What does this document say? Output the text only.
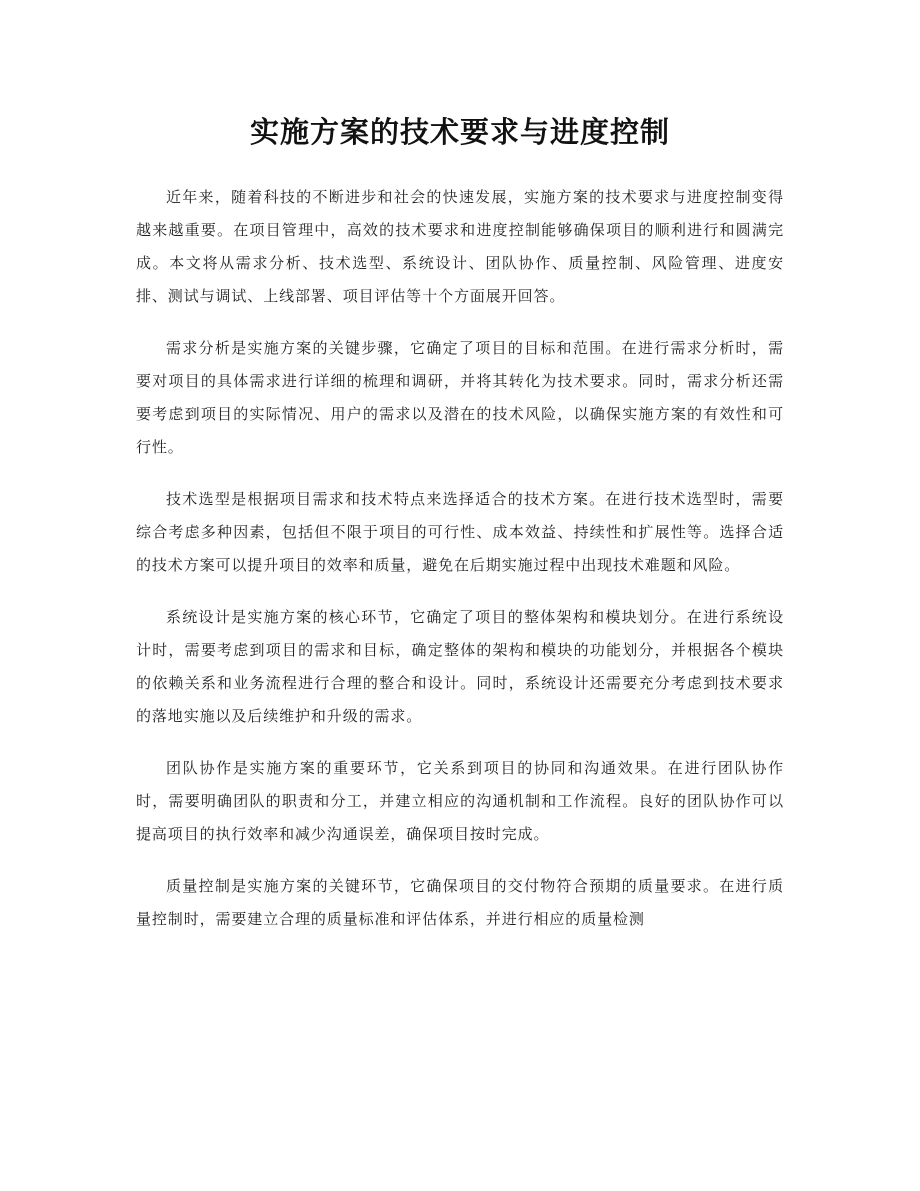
实施方案的技术要求与进度控制

近年来，随着科技的不断进步和社会的快速发展，实施方案的技术要求与进度控制变得越来越重要。在项目管理中，高效的技术要求和进度控制能够确保项目的顺利进行和圆满完成。本文将从需求分析、技术选型、系统设计、团队协作、质量控制、风险管理、进度安排、测试与调试、上线部署、项目评估等十个方面展开回答。

需求分析是实施方案的关键步骤，它确定了项目的目标和范围。在进行需求分析时，需要对项目的具体需求进行详细的梳理和调研，并将其转化为技术要求。同时，需求分析还需要考虑到项目的实际情况、用户的需求以及潜在的技术风险，以确保实施方案的有效性和可行性。

技术选型是根据项目需求和技术特点来选择适合的技术方案。在进行技术选型时，需要综合考虑多种因素，包括但不限于项目的可行性、成本效益、持续性和扩展性等。选择合适的技术方案可以提升项目的效率和质量，避免在后期实施过程中出现技术难题和风险。

系统设计是实施方案的核心环节，它确定了项目的整体架构和模块划分。在进行系统设计时，需要考虑到项目的需求和目标，确定整体的架构和模块的功能划分，并根据各个模块的依赖关系和业务流程进行合理的整合和设计。同时，系统设计还需要充分考虑到技术要求的落地实施以及后续维护和升级的需求。

团队协作是实施方案的重要环节，它关系到项目的协同和沟通效果。在进行团队协作时，需要明确团队的职责和分工，并建立相应的沟通机制和工作流程。良好的团队协作可以提高项目的执行效率和减少沟通误差，确保项目按时完成。

质量控制是实施方案的关键环节，它确保项目的交付物符合预期的质量要求。在进行质量控制时，需要建立合理的质量标准和评估体系，并进行相应的质量检测
